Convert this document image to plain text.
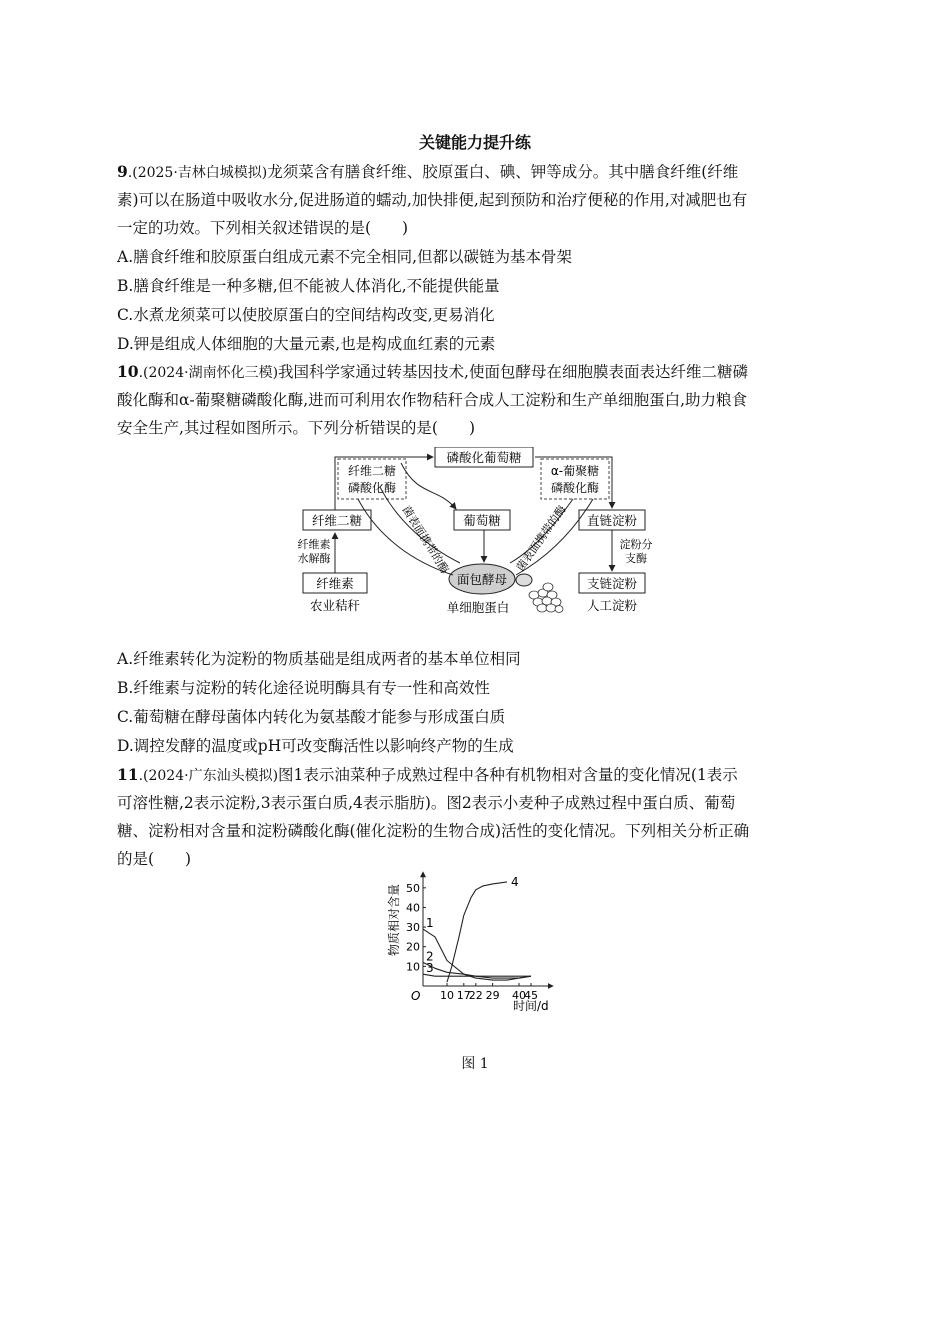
关键能力提升练
9.(2025·吉林白城模拟)龙须菜含有膳食纤维、胶原蛋白、碘、钾等成分。其中膳食纤维(纤维
素)可以在肠道中吸收水分,促进肠道的蠕动,加快排便,起到预防和治疗便秘的作用,对减肥也有
一定的功效。下列相关叙述错误的是(　　)
A.膳食纤维和胶原蛋白组成元素不完全相同,但都以碳链为基本骨架
B.膳食纤维是一种多糖,但不能被人体消化,不能提供能量
C.水煮龙须菜可以使胶原蛋白的空间结构改变,更易消化
D.钾是组成人体细胞的大量元素,也是构成血红素的元素
10.(2024·湖南怀化三模)我国科学家通过转基因技术,使面包酵母在细胞膜表面表达纤维二糖磷
酸化酶和α-葡聚糖磷酸化酶,进而可利用农作物秸秆合成人工淀粉和生产单细胞蛋白,助力粮食
安全生产,其过程如图所示。下列分析错误的是(　　)
磷酸化葡萄糖
纤维二糖
磷酸化酶
α-葡聚糖
磷酸化酶
纤维二糖	葡萄糖	直链淀粉
纤维素
水解酶
淀粉分
支酶
纤维素
农业秸秆
支链淀粉
人工淀粉
面包酵母
单细胞蛋白
菌表面携带的酶	菌表面携带的酶
A.纤维素转化为淀粉的物质基础是组成两者的基本单位相同
B.纤维素与淀粉的转化途径说明酶具有专一性和高效性
C.葡萄糖在酵母菌体内转化为氨基酸才能参与形成蛋白质
D.调控发酵的温度或pH可改变酶活性以影响终产物的生成
11.(2024·广东汕头模拟)图1表示油菜种子成熟过程中各种有机物相对含量的变化情况(1表示
可溶性糖,2表示淀粉,3表示蛋白质,4表示脂肪)。图2表示小麦种子成熟过程中蛋白质、葡萄
糖、淀粉相对含量和淀粉磷酸化酶(催化淀粉的生物合成)活性的变化情况。下列相关分析正确
的是(　　)
O
时间/d
物质相对含量
10 17
22 29 40
45
10
20
30
40
50
1
2
3
4
图 1
